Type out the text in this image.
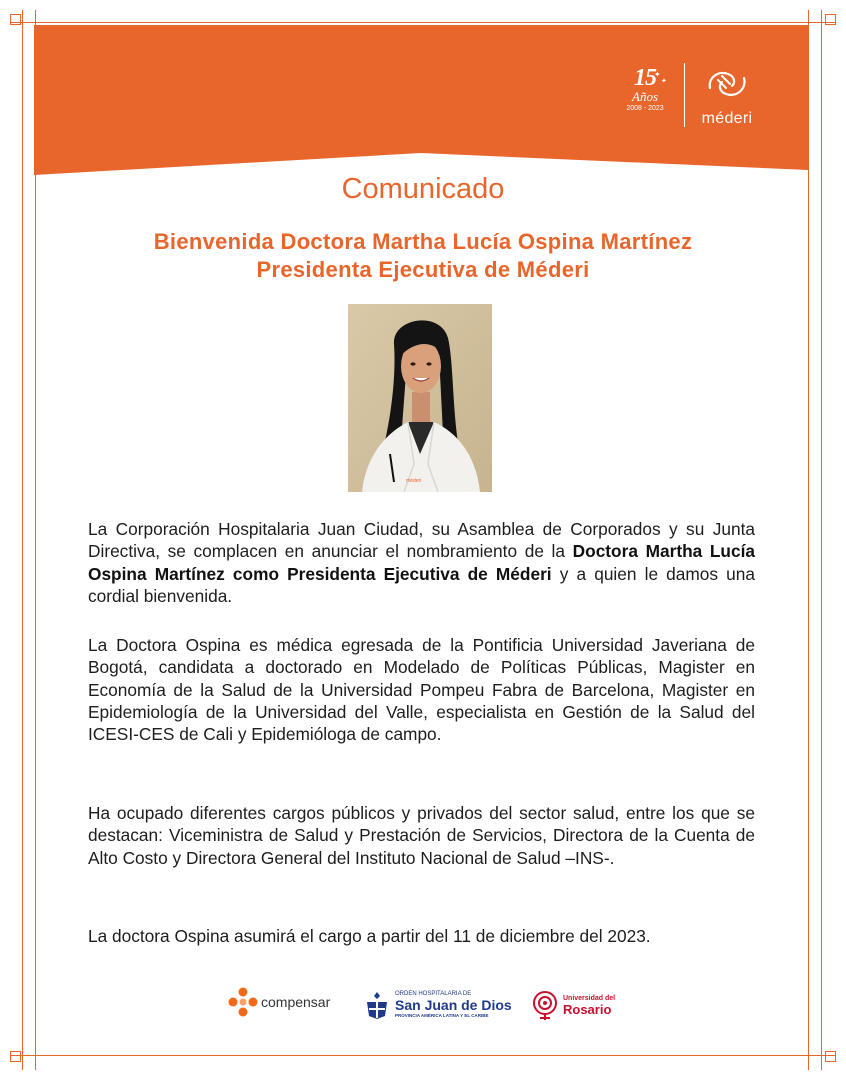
15
Años
2008 - 2023
✦
✦
méderi
Comunicado
Bienvenida Doctora Martha Lucía Ospina Martínez
Presidenta Ejecutiva de Méderi
méderi
La Corporación Hospitalaria Juan Ciudad, su Asamblea de Corporados y su Junta Directiva, se complacen en anunciar el nombramiento de la Doctora Martha Lucía Ospina Martínez como Presidenta Ejecutiva de Méderi y a quien le damos una cordial bienvenida.
La Doctora Ospina es médica egresada de la Pontificia Universidad Javeriana de Bogotá, candidata a doctorado en Modelado de Políticas Públicas, Magister en Economía de la Salud de la Universidad Pompeu Fabra de Barcelona, Magister en Epidemiología de la Universidad del Valle, especialista en Gestión de la Salud del ICESI-CES de Cali y Epidemióloga de campo.
Ha ocupado diferentes cargos públicos y privados del sector salud, entre los que se destacan: Viceministra de Salud y Prestación de Servicios, Directora de la Cuenta de Alto Costo y Directora General del Instituto Nacional de Salud –INS-.
La doctora Ospina asumirá el cargo a partir del 11 de diciembre del 2023.
compensar	ORDEN HOSPITALARIA DE
San Juan de Dios
PROVINCIA AMÉRICA LATINA Y EL CARIBE
Universidad del
Rosario
